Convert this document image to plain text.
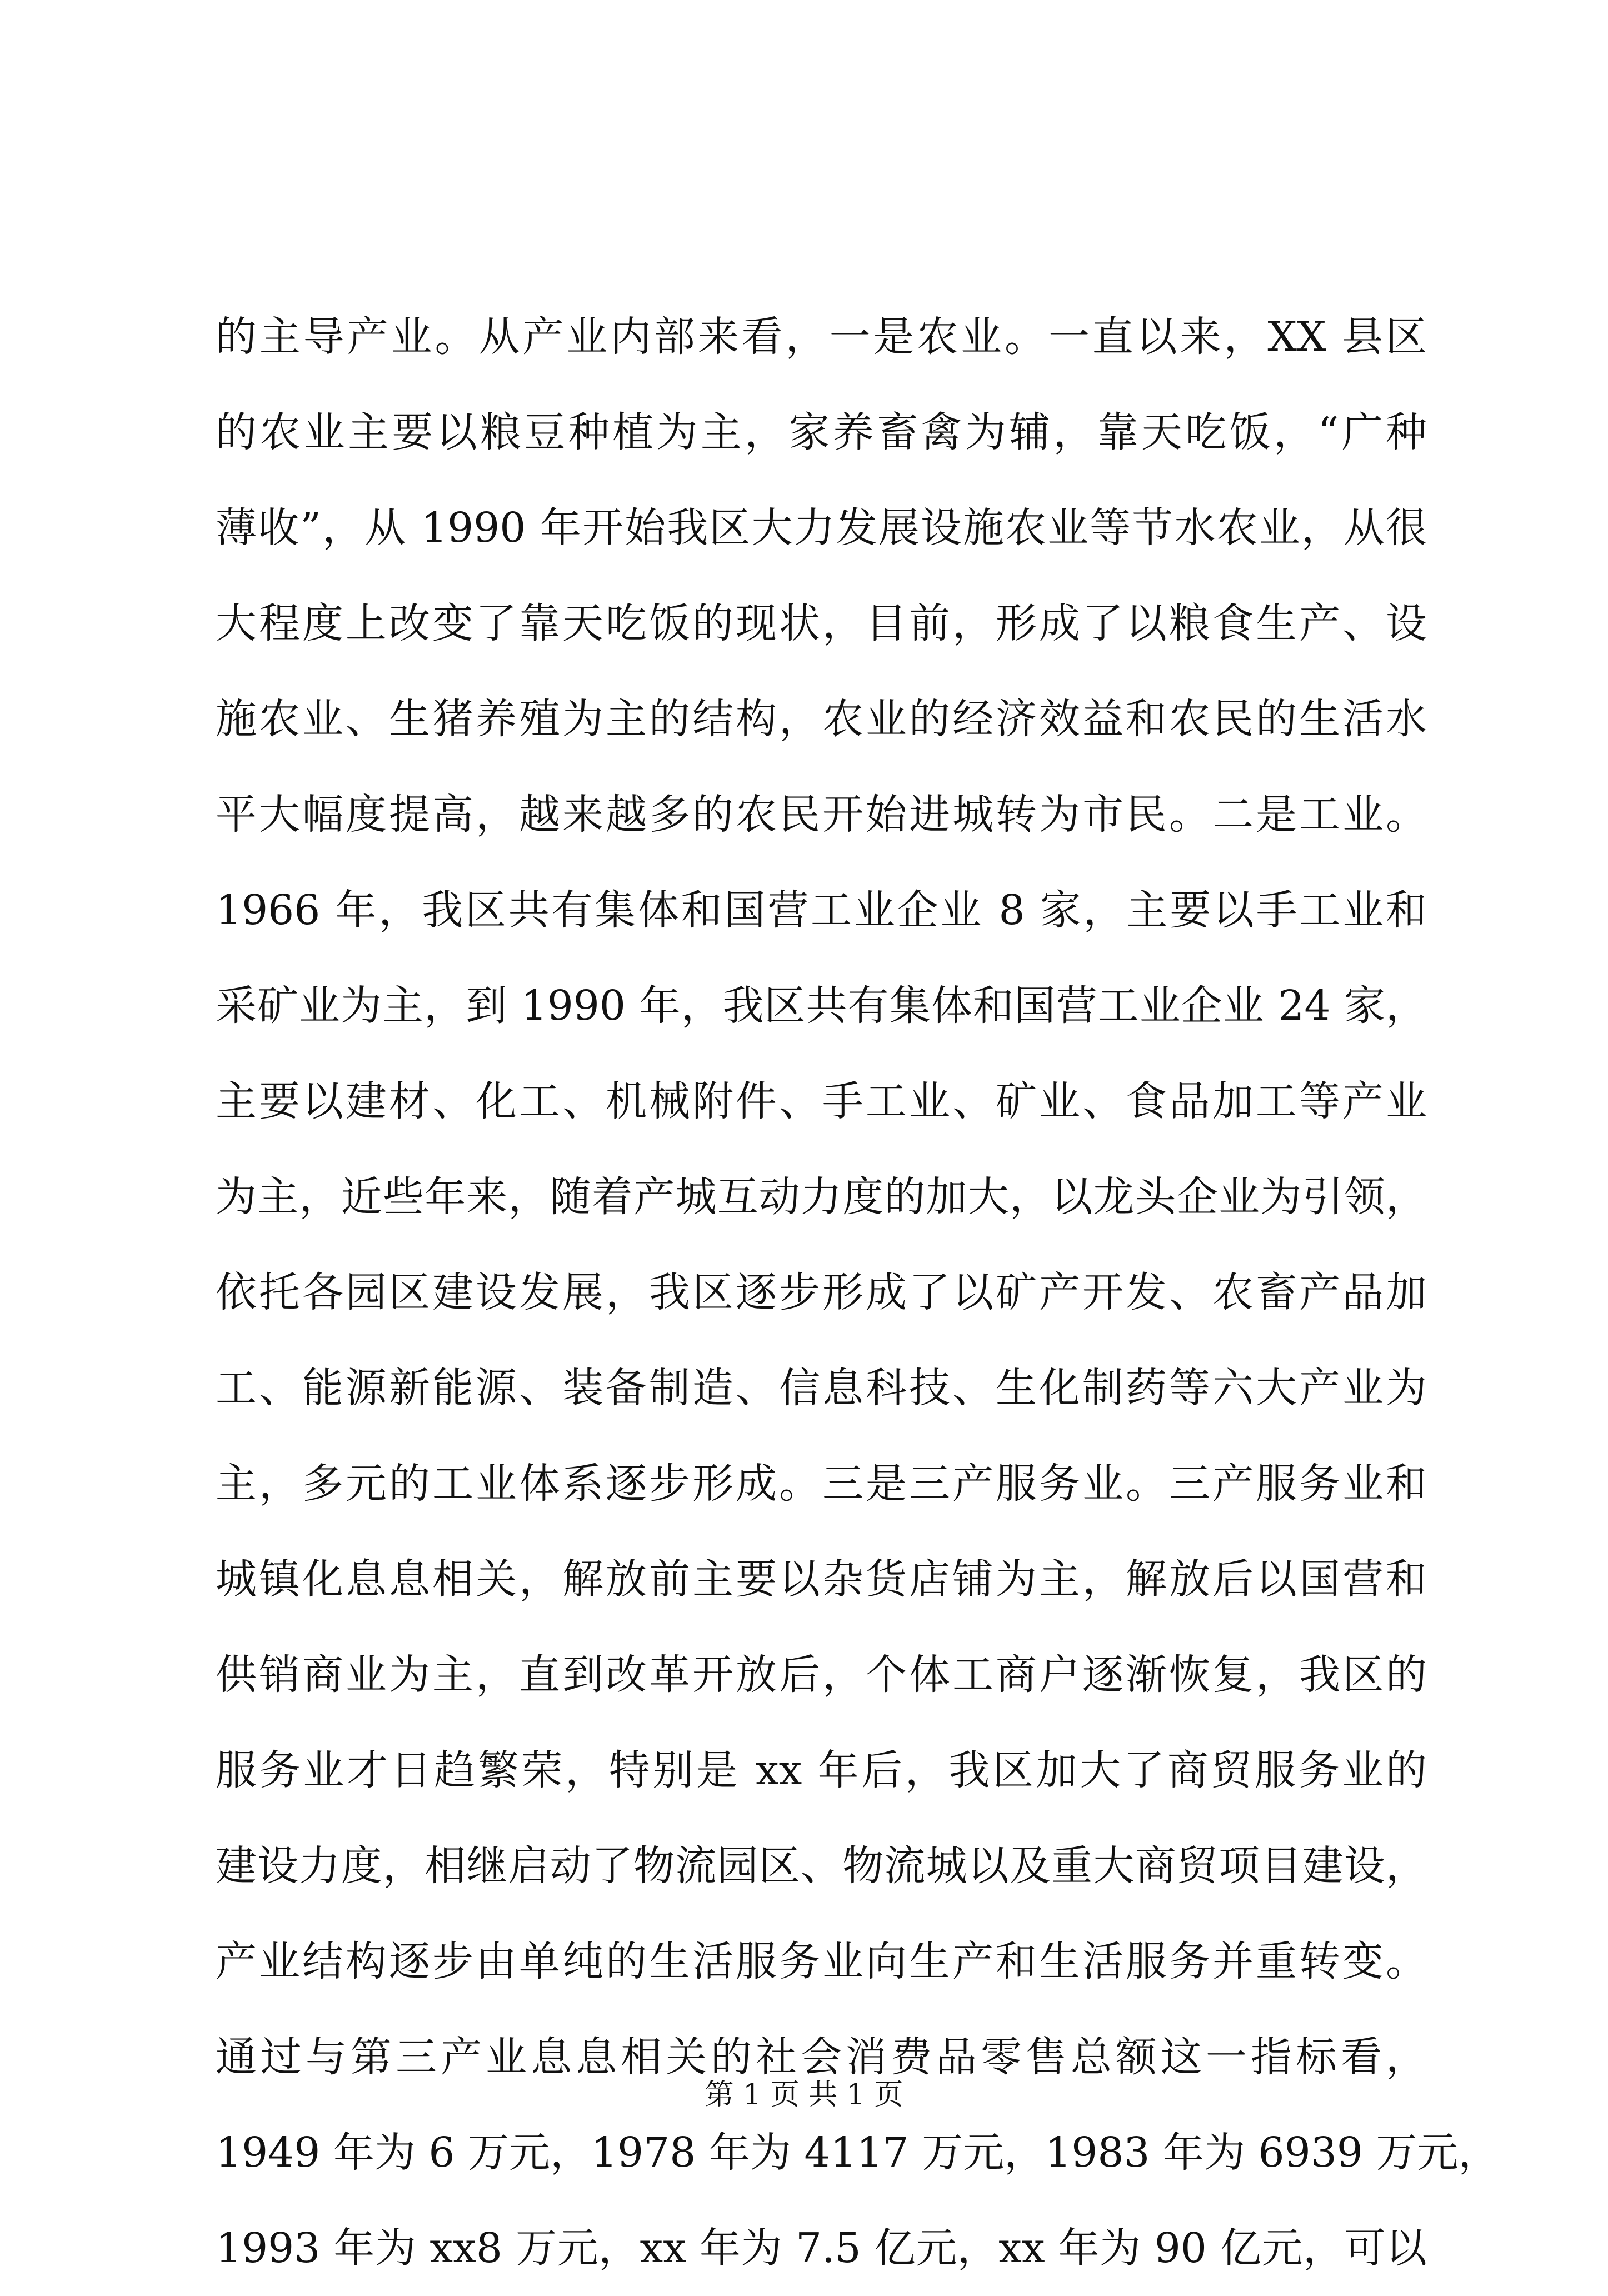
的主导产业。从产业内部来看，一是农业。一直以来，XX 县区
的农业主要以粮豆种植为主，家养畜禽为辅，靠天吃饭，“广种
薄收”，从 1990 年开始我区大力发展设施农业等节水农业，从很
大程度上改变了靠天吃饭的现状，目前，形成了以粮食生产、设
施农业、生猪养殖为主的结构，农业的经济效益和农民的生活水
平大幅度提高，越来越多的农民开始进城转为市民。二是工业。
1966 年，我区共有集体和国营工业企业 8 家，主要以手工业和
采矿业为主，到 1990 年，我区共有集体和国营工业企业 24 家，
主要以建材、化工、机械附件、手工业、矿业、食品加工等产业
为主，近些年来，随着产城互动力度的加大，以龙头企业为引领，
依托各园区建设发展，我区逐步形成了以矿产开发、农畜产品加
工、能源新能源、装备制造、信息科技、生化制药等六大产业为
主，多元的工业体系逐步形成。三是三产服务业。三产服务业和
城镇化息息相关，解放前主要以杂货店铺为主，解放后以国营和
供销商业为主，直到改革开放后，个体工商户逐渐恢复，我区的
服务业才日趋繁荣，特别是 xx 年后，我区加大了商贸服务业的
建设力度，相继启动了物流园区、物流城以及重大商贸项目建设，
产业结构逐步由单纯的生活服务业向生产和生活服务并重转变。
通过与第三产业息息相关的社会消费品零售总额这一指标看，
1949 年为 6 万元，1978 年为 4117 万元，1983 年为 6939 万元，
1993 年为 xx8 万元，xx 年为 7.5 亿元，xx 年为 90 亿元，可以
第 1 页 共 1 页
